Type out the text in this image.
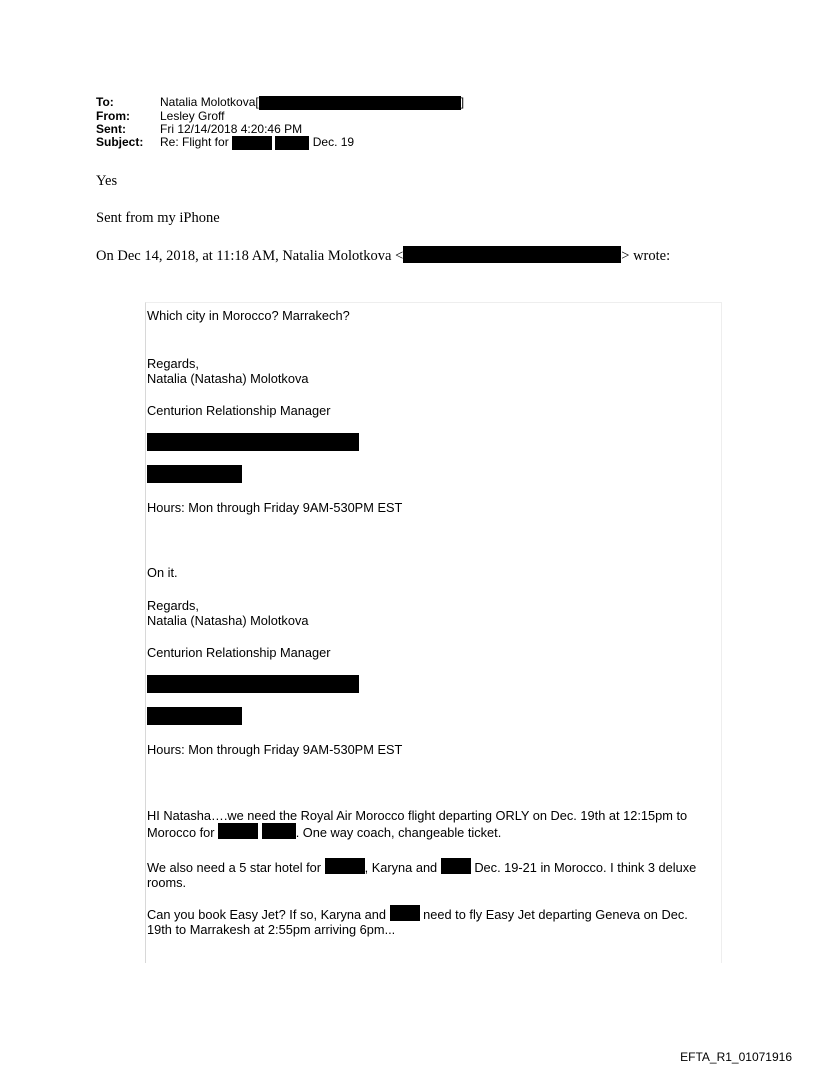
To:	Natalia Molotkova[	]
From:	Lesley Groff
Sent:	Fri 12/14/2018 4:20:46 PM
Subject:	Re: Flight for	Dec. 19
Yes
Sent from my iPhone
On Dec 14, 2018, at 11:18 AM, Natalia Molotkova <	> wrote:

Which city in Morocco? Marrakech?

Regards,

Natalia (Natasha) Molotkova

Centurion Relationship Manager

Hours: Mon through Friday 9AM-530PM EST

On it.

Regards,

Natalia (Natasha) Molotkova

Centurion Relationship Manager

Hours: Mon through Friday 9AM-530PM EST

HI Natasha….we need the Royal Air Morocco flight departing ORLY on Dec. 19th at 12:15pm to Morocco for	. One way coach, changeable ticket.

We also need a 5 star hotel for	, Karyna and	Dec. 19-21 in Morocco. I think 3 deluxe rooms.

Can you book Easy Jet? If so, Karyna and	need to fly Easy Jet departing Geneva on Dec. 19th to Marrakesh at 2:55pm arriving 6pm...

EFTA_R1_01071916
